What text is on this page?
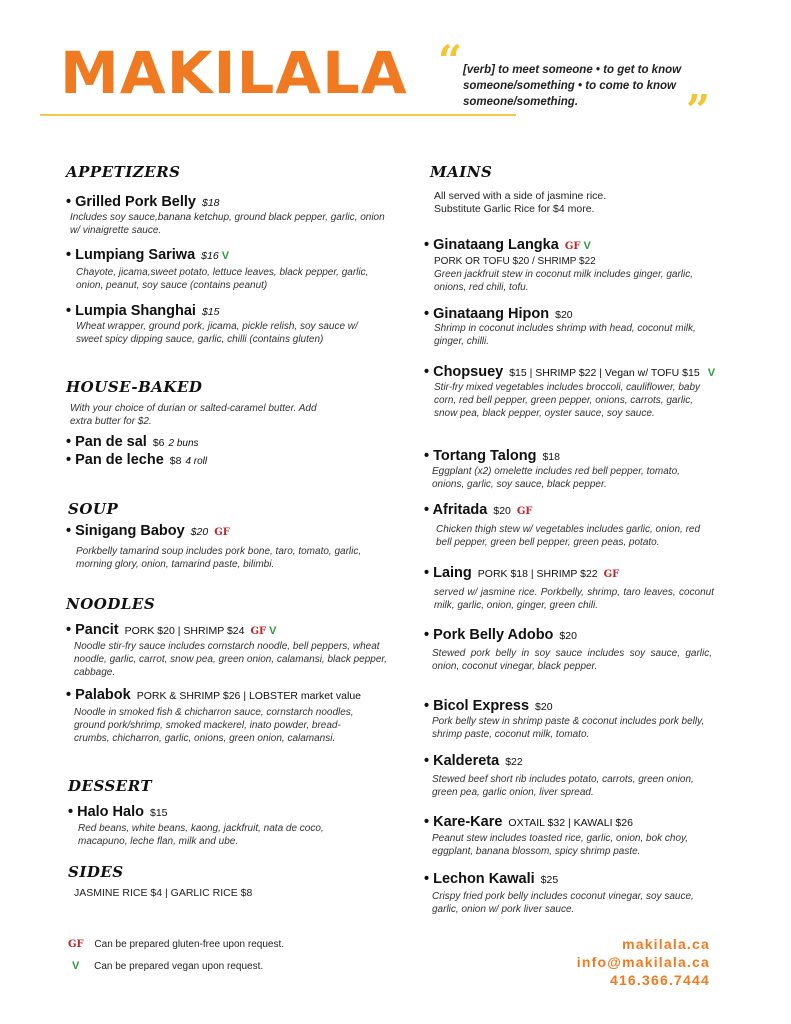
MAKILALA “ [verb] to meet someone • to get to know someone/something • to come to know someone/something.	”
APPETIZERS
• Grilled Pork Belly $18
Includes soy sauce,banana ketchup, ground black pepper, garlic, onion w/ vinaigrette sauce.
• Lumpiang Sariwa $16 V
Chayote, jicama,sweet potato, lettuce leaves, black pepper, garlic, onion, peanut, soy sauce (contains peanut)
• Lumpia Shanghai $15
Wheat wrapper, ground pork, jicama, pickle relish, soy sauce w/ sweet spicy dipping sauce, garlic, chilli (contains gluten)
HOUSE-BAKED
With your choice of durian or salted-caramel butter. Add extra butter for $2.
• Pan de sal $6 2 buns
• Pan de leche $8 4 roll
SOUP
• Sinigang Baboy $20 GF
Porkbelly tamarind soup includes pork bone, taro, tomato, garlic, morning glory, onion, tamarind paste, bilimbi.
NOODLES
• Pancit PORK $20 | SHRIMP $24 GF V
Noodle stir-fry sauce includes cornstarch noodle, bell peppers, wheat noodle, garlic, carrot, snow pea, green onion, calamansi, black pepper, cabbage.
• Palabok PORK & SHRIMP $26 | LOBSTER market value
Noodle in smoked fish & chicharron sauce, cornstarch noodles, ground pork/shrimp, smoked mackerel, inato powder, bread- crumbs, chicharron, garlic, onions, green onion, calamansi.
DESSERT
• Halo Halo $15
Red beans, white beans, kaong, jackfruit, nata de coco, macapuno, leche flan, milk and ube.
SIDES
JASMINE RICE $4 | GARLIC RICE $8
GF Can be prepared gluten-free upon request.
V Can be prepared vegan upon request.
MAINS
All served with a side of jasmine rice. Substitute Garlic Rice for $4 more.
• Ginataang Langka GF V
PORK OR TOFU $20 / SHRIMP $22
Green jackfruit stew in coconut milk includes ginger, garlic, onions, red chili, tofu.
• Ginataang Hipon $20
Shrimp in coconut includes shrimp with head, coconut milk, ginger, chilli.
• Chopsuey $15 | SHRIMP $22 | Vegan w/ TOFU $15 V
Stir-fry mixed vegetables includes broccoli, cauliflower, baby corn, red bell pepper, green pepper, onions, carrots, garlic, snow pea, black pepper, oyster sauce, soy sauce.
• Tortang Talong $18
Eggplant (x2) omelette includes red bell pepper, tomato, onions, garlic, soy sauce, black pepper.
• Afritada $20 GF
Chicken thigh stew w/ vegetables includes garlic, onion, red bell pepper, green bell pepper, green peas, potato.
• Laing PORK $18 | SHRIMP $22 GF
served w/ jasmine rice. Porkbelly, shrimp, taro leaves, coconut milk, garlic, onion, ginger, green chili.
• Pork Belly Adobo $20
Stewed pork belly in soy sauce includes soy sauce, garlic, onion, coconut vinegar, black pepper.
• Bicol Express $20
Pork belly stew in shrimp paste & coconut includes pork belly, shrimp paste, coconut milk, tomato.
• Kaldereta $22
Stewed beef short rib includes potato, carrots, green onion, green pea, garlic onion, liver spread.
• Kare-Kare OXTAIL $32 | KAWALI $26
Peanut stew includes toasted rice, garlic, onion, bok choy, eggplant, banana blossom, spicy shrimp paste.
• Lechon Kawali $25
Crispy fried pork belly includes coconut vinegar, soy sauce, garlic, onion w/ pork liver sauce.
makilala.ca
info@makilala.ca
416.366.7444
